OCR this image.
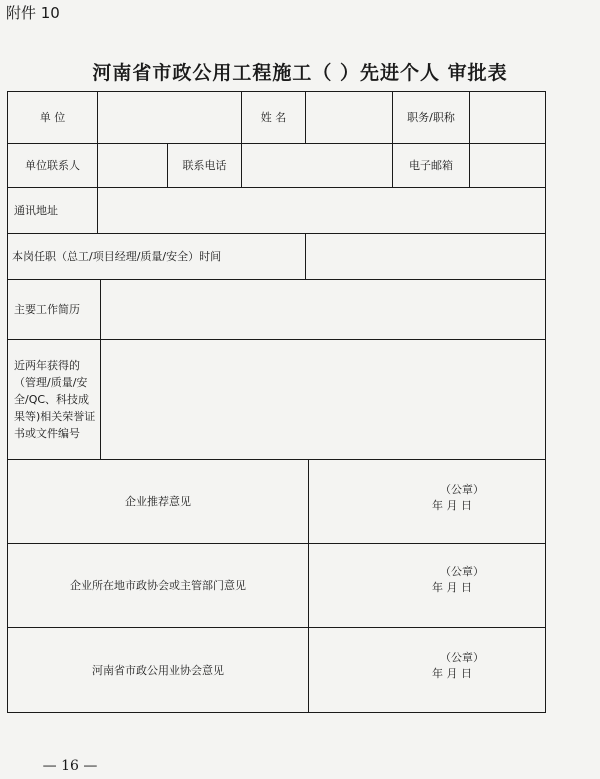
附件 10
河南省市政公用工程施工（ ）先进个人 审批表
单 位	姓 名	职务/职称
单位联系人	联系电话	电子邮箱
通讯地址
本岗任职（总工/项目经理/质量/安全）时间
主要工作简历
近两年获得的（管理/质量/安全/QC、科技成果等)相关荣誉证书或文件编号
企业推荐意见
（公章）
年 月 日
企业所在地市政协会或主管部门意见
（公章）
年 月 日
河南省市政公用业协会意见
（公章）
年 月 日
— 16 —
